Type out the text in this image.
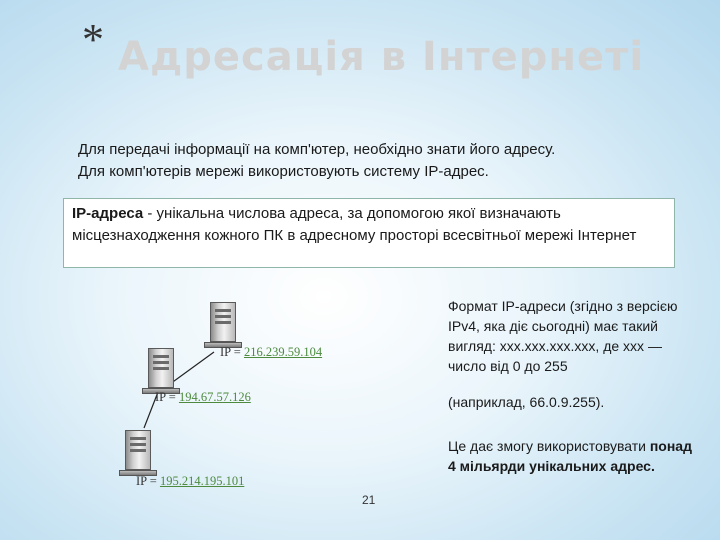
* Адресація в Інтернеті

Для передачі інформації на комп'ютер, необхідно знати його адресу.

Для комп'ютерів мережі використовують систему IP-адрес.

IP-адреса - унікальна числова адреса, за допомогою якої визначають місцезнаходження кожного ПК в адресному просторі всесвітньої мережі Інтернет
IP = 216.239.59.104
IP = 194.67.57.126
IP = 195.214.195.101

Формат IP-адреси (згідно з версією IPv4, яка діє сьогодні) має такий вигляд: xxx.xxx.xxx.xxx, де xxx — число від 0 до 255

(наприклад, 66.0.9.255).

Це дає змогу використовувати понад 4 мільярди унікальних адрес.
21
